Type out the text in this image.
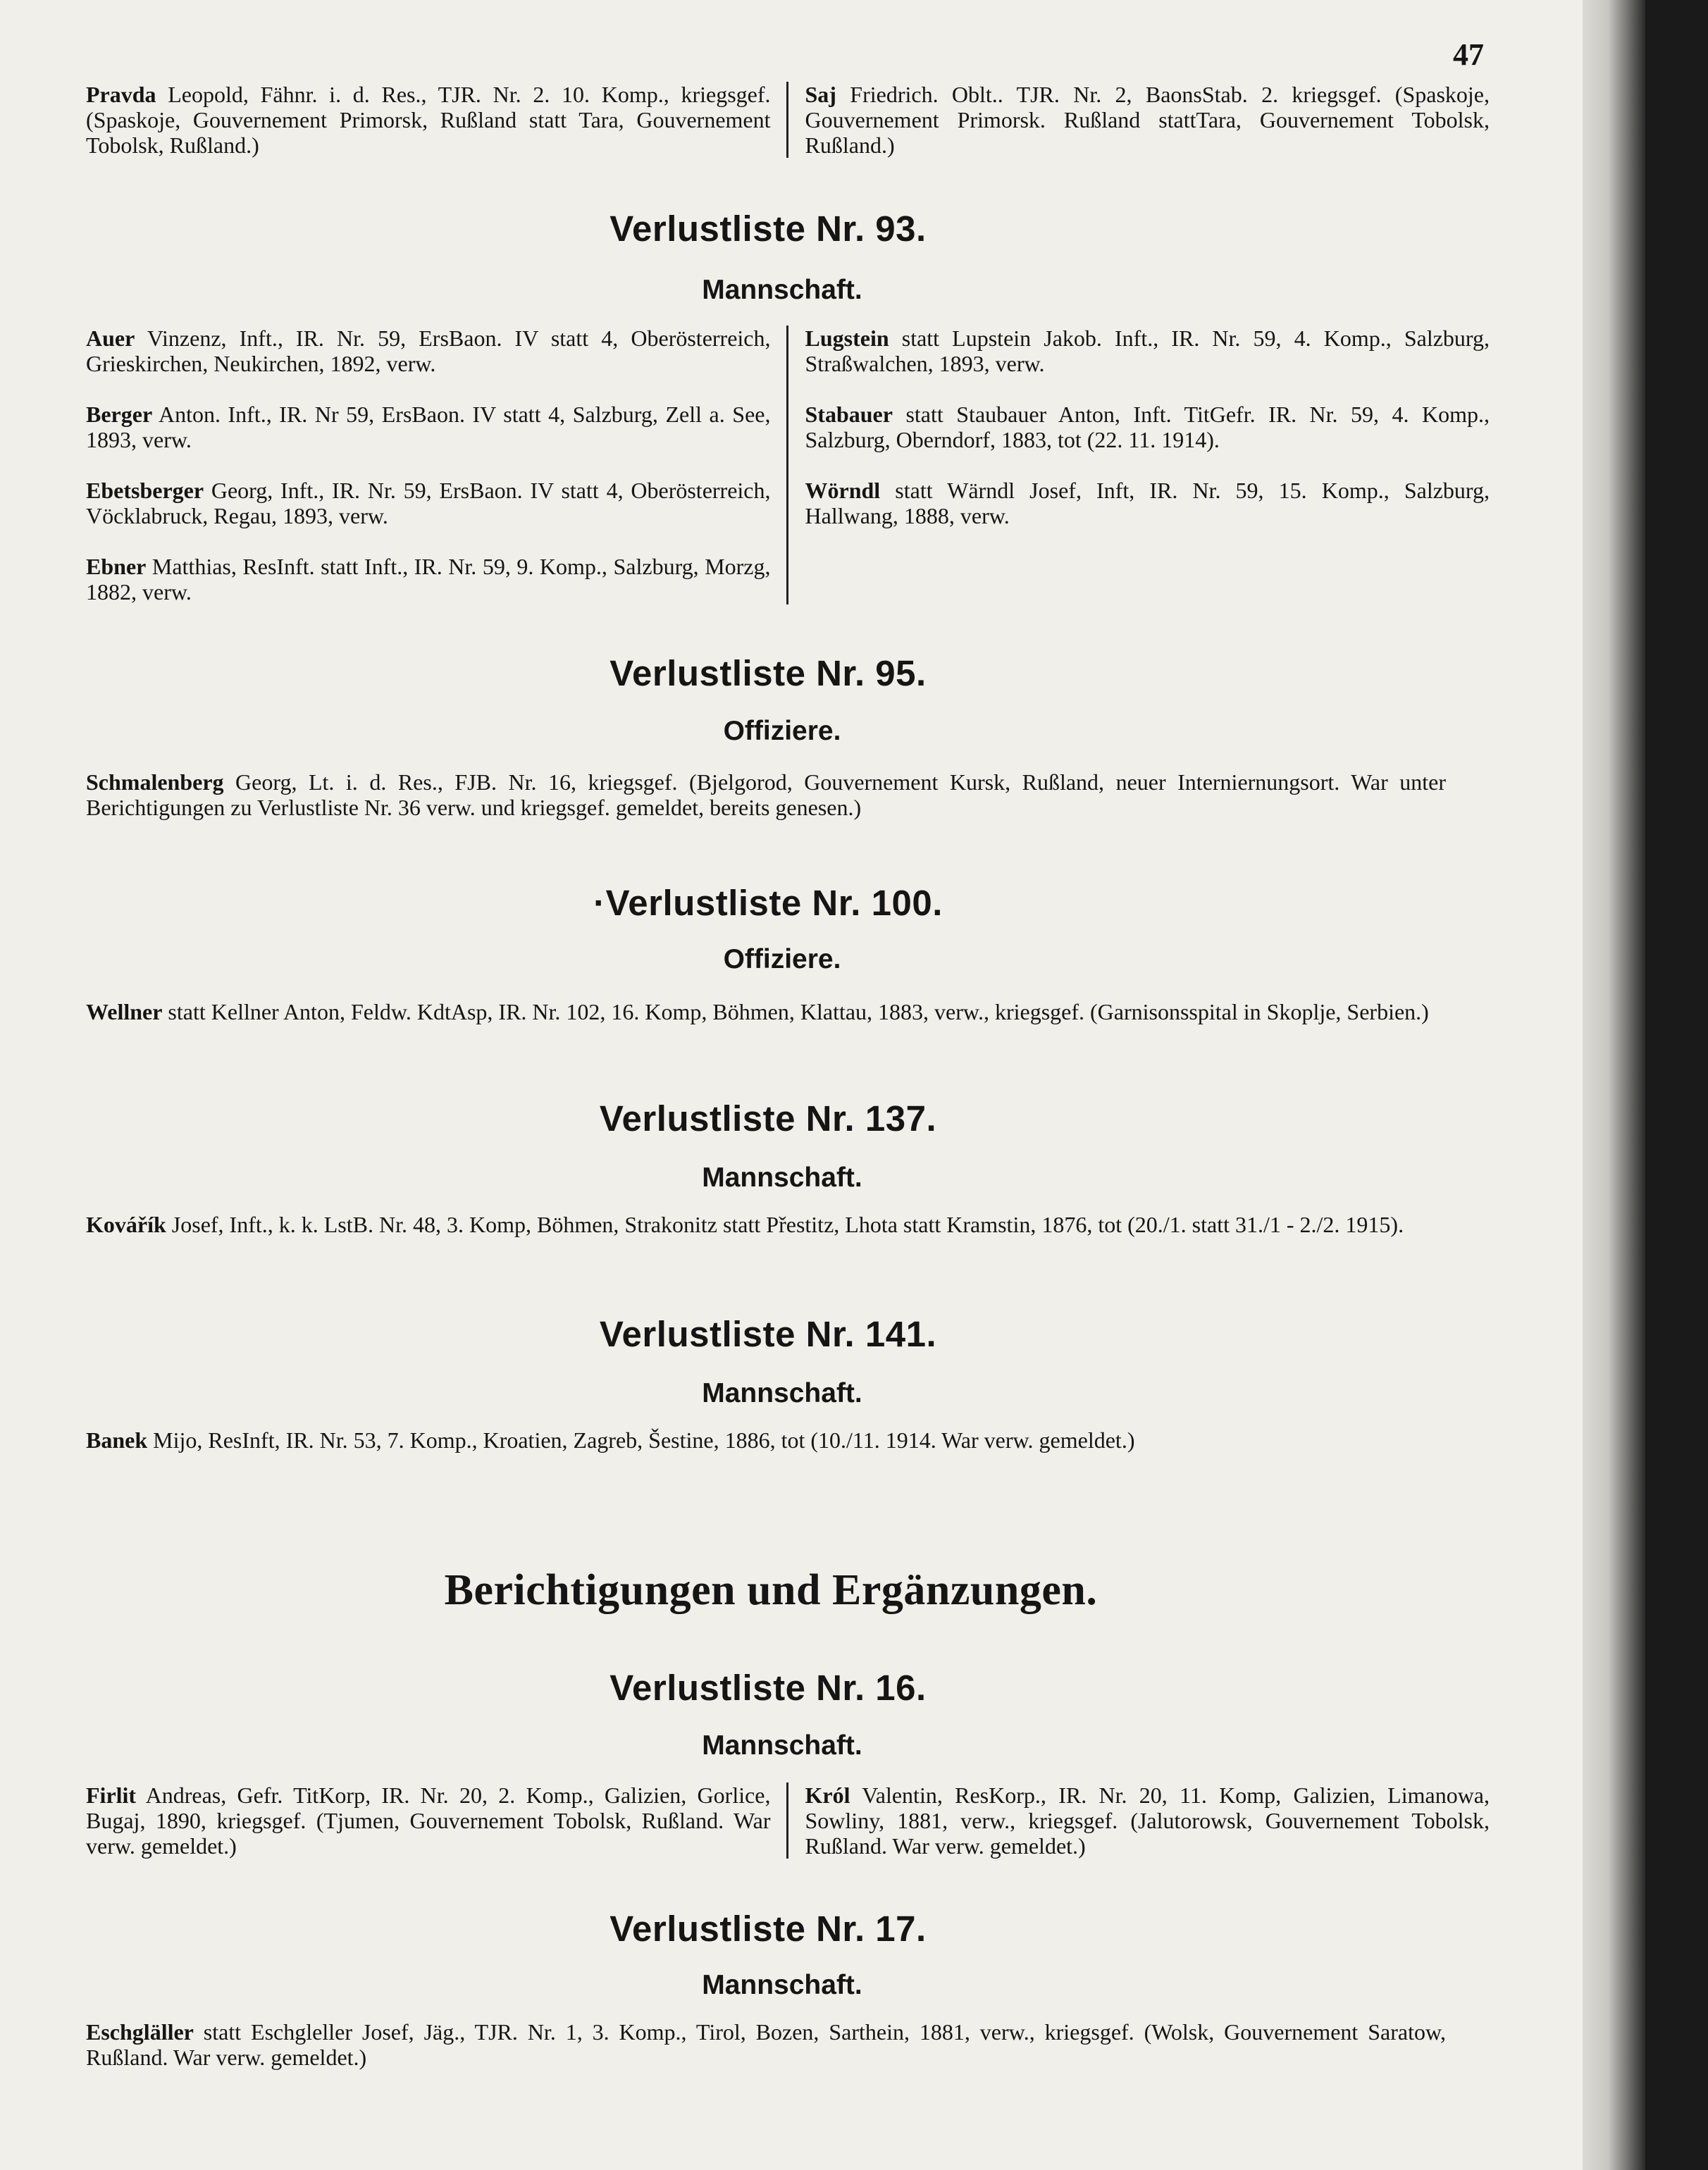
47
Pravda Leopold, Fähnr. i. d. Res., TJR. Nr. 2. 10. Komp., kriegsgef. (Spaskoje, Gouvernement Primorsk, Rußland statt Tara, Gouvernement Tobolsk, Rußland.)
Saj Friedrich. Oblt.. TJR. Nr. 2, BaonsStab. 2. kriegsgef. (Spaskoje, Gouvernement Primorsk. Rußland stattTara, Gouvernement Tobolsk, Rußland.)
Verlustliste Nr. 93.
Mannschaft.
Auer Vinzenz, Inft., IR. Nr. 59, ErsBaon. IV statt 4, Oberösterreich, Grieskirchen, Neukirchen, 1892, verw.
Berger Anton. Inft., IR. Nr 59, ErsBaon. IV statt 4, Salzburg, Zell a. See, 1893, verw.
Ebetsberger Georg, Inft., IR. Nr. 59, ErsBaon. IV statt 4, Oberösterreich, Vöcklabruck, Regau, 1893, verw.
Ebner Matthias, ResInft. statt Inft., IR. Nr. 59, 9. Komp., Salzburg, Morzg, 1882, verw.
Lugstein statt Lupstein Jakob. Inft., IR. Nr. 59, 4. Komp., Salzburg, Straßwalchen, 1893, verw.
Stabauer statt Staubauer Anton, Inft. TitGefr. IR. Nr. 59, 4. Komp., Salzburg, Oberndorf, 1883, tot (22. 11. 1914).
Wörndl statt Wärndl Josef, Inft, IR. Nr. 59, 15. Komp., Salzburg, Hallwang, 1888, verw.
Verlustliste Nr. 95.
Offiziere.
Schmalenberg Georg, Lt. i. d. Res., FJB. Nr. 16, kriegsgef. (Bjelgorod, Gouvernement Kursk, Rußland, neuer Interniernungsort. War unter Berichtigungen zu Verlustliste Nr. 36 verw. und kriegsgef. gemeldet, bereits genesen.)
·Verlustliste Nr. 100.
Offiziere.
Wellner statt Kellner Anton, Feldw. KdtAsp, IR. Nr. 102, 16. Komp, Böhmen, Klattau, 1883, verw., kriegsgef. (Garnisonsspital in Skoplje, Serbien.)
Verlustliste Nr. 137.
Mannschaft.
Kovářík Josef, Inft., k. k. LstB. Nr. 48, 3. Komp, Böhmen, Strakonitz statt Přestitz, Lhota statt Kramstin, 1876, tot (20./1. statt 31./1 - 2./2. 1915).
Verlustliste Nr. 141.
Mannschaft.
Banek Mijo, ResInft, IR. Nr. 53, 7. Komp., Kroatien, Zagreb, Šestine, 1886, tot (10./11. 1914. War verw. gemeldet.)
Berichtigungen und Ergänzungen.
Verlustliste Nr. 16.
Mannschaft.
Firlit Andreas, Gefr. TitKorp, IR. Nr. 20, 2. Komp., Galizien, Gorlice, Bugaj, 1890, kriegsgef. (Tjumen, Gouvernement Tobolsk, Rußland. War verw. gemeldet.)
Król Valentin, ResKorp., IR. Nr. 20, 11. Komp, Galizien, Limanowa, Sowliny, 1881, verw., kriegsgef. (Jalutorowsk, Gouvernement Tobolsk, Rußland. War verw. gemeldet.)
Verlustliste Nr. 17.
Mannschaft.
Eschgläller statt Eschgleller Josef, Jäg., TJR. Nr. 1, 3. Komp., Tirol, Bozen, Sarthein, 1881, verw., kriegsgef. (Wolsk, Gouvernement Saratow, Rußland. War verw. gemeldet.)
